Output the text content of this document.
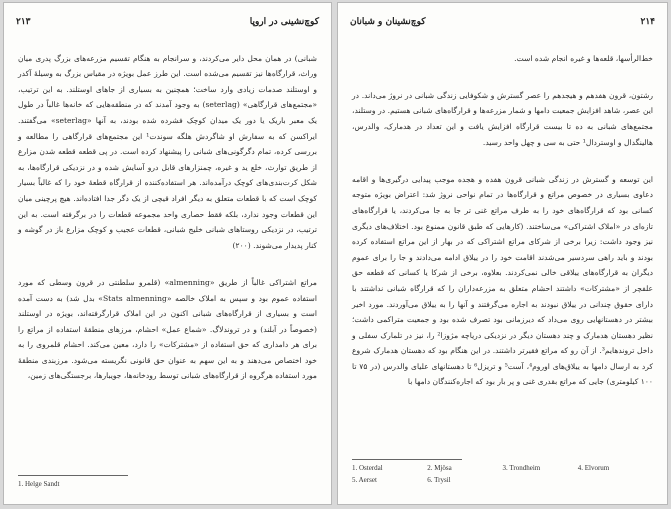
۲۱۳	کوچ‌نشینی در اروپا

شبانی) در همان محل دایر می‌کردند، و سرانجام به هنگام تقسیم مزرعه‌های بزرگ پدری میان وراث، قرارگاه‌ها نیز تقسیم می‌شده است. این طرز عمل بویژه در مقیاس بزرگ به وسیلهٔ آکدر و اوستلند صدمات زیادی وارد ساخت؛ همچنین به بسیاری از جاهای اوستلند. به این ترتیب، «مجتمع‌های قرارگاهی» (seterlag) به وجود آمدند که در منطقه‌هایی که خانه‌ها غالباً در طول یک معبر باریک یا دور یک میدان کوچک فشرده شده بودند، به آنها «seterlag» می‌گفتند. ایراکسن که به سفارش او شاگردش هلگه سوندت¹ این مجتمع‌های قرارگاهی را مطالعه و بررسی کرده، تمام دگرگونی‌های شبانی را پیشنهاد کرده است. در پی قطعه قطعه شدن مزارع از طریق توارث، خلع ید و غیره، چمنزارهای قابل درو آسایش شده و در نزدیکی قرارگاه‌ها، به شکل کرت‌بندی‌های کوچک درآمده‌اند. هر استفاده‌کننده از قرارگاه قطعهٔ خود را که غالباً بسیار کوچک است که با قطعات متعلق به دیگر افراد قیچی از یک دگر جدا افتاده‌اند. هیچ پرچینی میان این قطعات وجود ندارد، بلکه فقط حصاری واحد مجموعه قطعات را در برگرفته است. به این ترتیب، در نزدیکی روستاهای شبانی خلیج شبانی، قطعات عجیب و کوچک مزارع باز در گوشه و کنار پدیدار می‌شوند. (۲۰۰)

مراتع اشتراکی غالباً از طریق «almenning» (قلمرو سلطنتی در قرون وسطی که مورد استفاده عموم بود و سپس به املاک خالصه «Stats almenning» بدل شد) به دست آمده است و بسیاری از قرارگاه‌های شبانی اکنون در این املاک قرارگرفته‌اند، بویژه در اوستلند (خصوصاً در آبلند) و در تروندلاگ. «شماع عمل» احشام، مرزهای منطقهٔ استفاده از مراتع را برای هر دامداری که حق استفاده از «مشترکات» را دارد، معین می‌کند. احشام قلمروی را به خود اختصاص می‌دهند و به این سهم به عنوان حق قانونی نگریسته می‌شود. مرزبندی منطقهٔ مورد استفاده هرگروه از قرارگاه‌های شبانی توسط رودخانه‌ها، جویبارها، برجستگی‌های زمین،

1. Helge Sandt
۲۱۴
کوچ‌نشینان و شبانان

خط‌الرأسها، قلعه‌ها و غیره انجام شده است.

رشتون، قرون هفدهم و هیجدهم را عصر گسترش و شکوفایی زندگی شبانی در نروژ می‌داند. در این عصر، شاهد افزایش جمعیت دامها و شمار مزرعه‌ها و قرارگاه‌های شبانی هستیم. در وستلند، مجتمع‌های شبانی به ده تا بیست قرارگاه افزایش یافت و این تعداد در هدمارک، والدرس، هالینگدال و اوستردال¹ حتی به سی و چهل واحد رسید.

این توسعه و گسترش در زندگی شبانی قرون هفده و هجده موجب پیدایی درگیری‌ها و اقامه دعاوی بسیاری در خصوص مراتع و قرارگاه‌ها در تمام نواحی نروژ شد: اعتراض بویژه متوجه کسانی بود که قرارگاه‌های خود را به طرف مراتع غنی تر جا به جا می‌کردند، یا قرارگاه‌های تازه‌ای در «املاک اشتراکی» می‌ساختند. (کارهایی که طبق قانون ممنوع بود. اختلاف‌های دیگری نیز وجود داشت: زیرا برخی از شرکای مراتع اشتراکی که در بهار از این مراتع استفاده کرده بودند و باید راهی سردسیر می‌شدند اقامت خود را در ییلاق ادامه می‌دادند و جا را برای عموم دیگران به قرارگاه‌های ییلاقی خالی نمی‌کردند. بعلاوه، برخی از شرکا یا کسانی که قطعه حق علفچر از «مشترکات» داشتند احشام متعلق به مزرعه‌داران را که قرارگاه شبانی نداشتند با دارای حقوق چندانی در ییلاق نبودند به اجاره می‌گرفتند و آنها را به ییلاق می‌آوردند. مورد اخیر بیشتر در دهستانهایی روی می‌داد که دیرزمانی بود تصرف شده بود و جمعیت متراکمی داشت؛ نظیر دهستان هدمارک و چند دهستان دیگر در نزدیکی دریاچه مژوزا² را، نیز در تلمارک سفلی و داخل تروندهایم³. از آن رو که مراتع فقیرتر داشتند. در این هنگام بود که دهستان هدمارک شروع کرد به ارسال دامها به ییلاق‌های اوروم⁴، آست⁵ و تریزل⁶ تا دهستانهای علیای والدرس (در ۷۵ تا ۱۰۰ کیلومتری) جایی که مراتع بقدری غنی و پر بار بود که اجاره‌کنندگان دامها با

1. Osterdal	2. Mjösa	3. Trondheim	4. Elvorum
5. Aerset	6. Trysil
